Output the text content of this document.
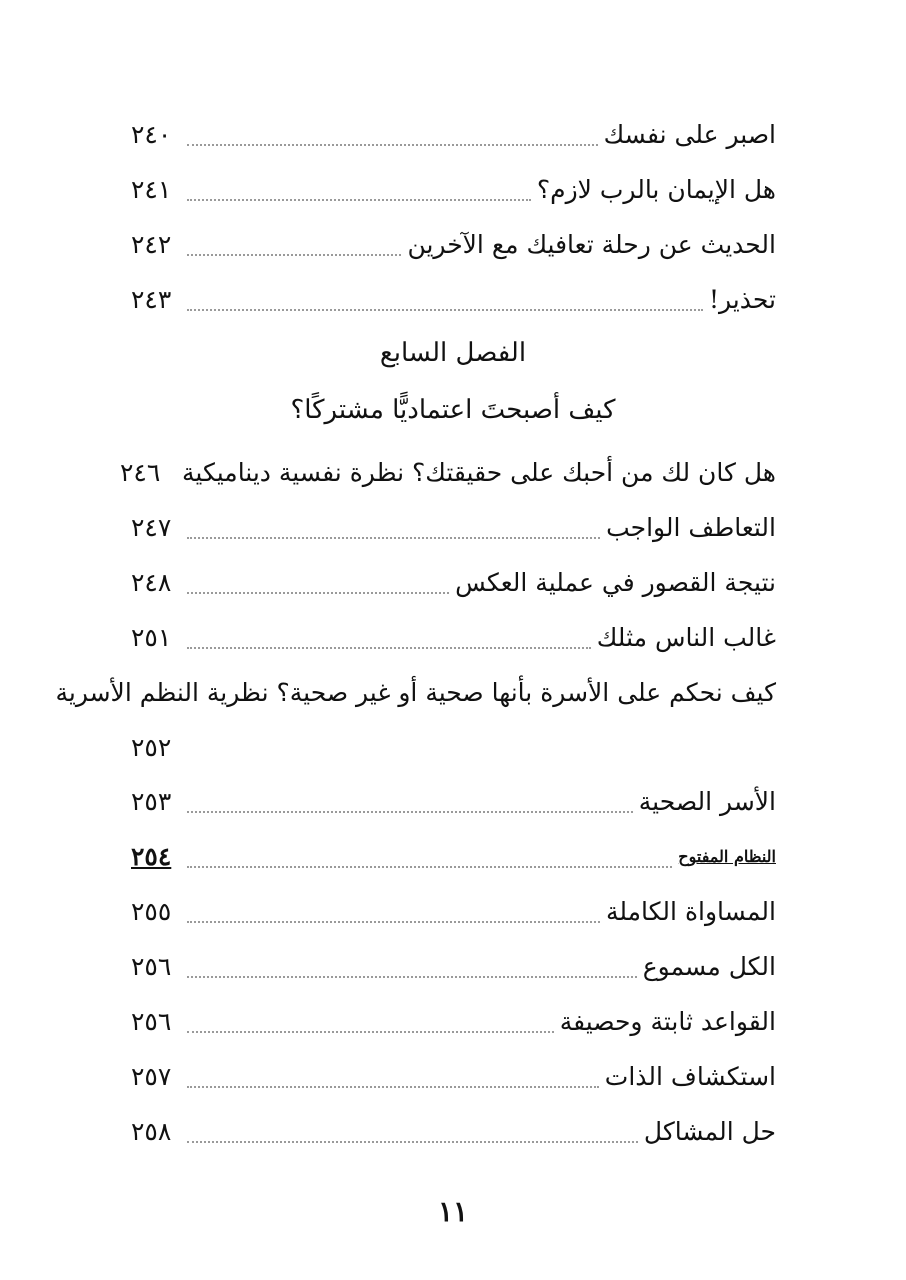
اصبر على نفسك
٢٤٠
هل الإيمان بالرب لازم؟
٢٤١
الحديث عن رحلة تعافيك مع الآخرين
٢٤٢
تحذير!
٢٤٣
الفصل السابع
كيف أصبحتَ اعتماديًّا مشتركًا؟
هل كان لك من أحبك على حقيقتك؟ نظرة نفسية ديناميكية
٢٤٦
التعاطف الواجب
٢٤٧
نتيجة القصور في عملية العكس
٢٤٨
غالب الناس مثلك
٢٥١
كيف نحكم على الأسرة بأنها صحية أو غير صحية؟ نظرية النظم الأسرية
٢٥٢
الأسر الصحية
٢٥٣
النظام المفتوح
٢٥٤
المساواة الكاملة
٢٥٥
الكل مسموع
٢٥٦
القواعد ثابتة وحصيفة
٢٥٦
استكشاف الذات
٢٥٧
حل المشاكل
٢٥٨
١١
